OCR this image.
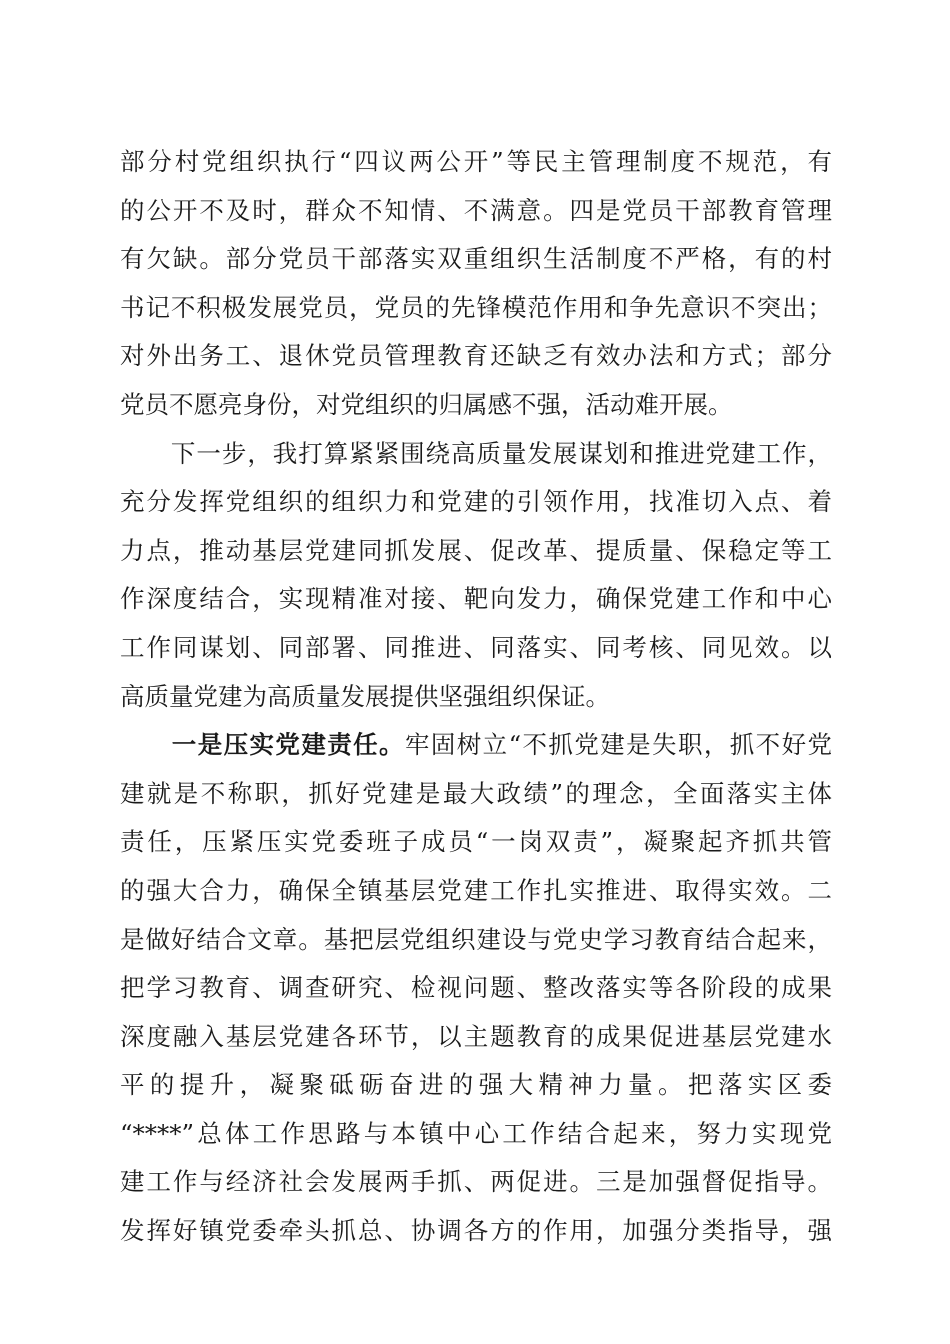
部分村党组织执行“四议两公开”等民主管理制度不规范，有
的公开不及时，群众不知情、不满意。四是党员干部教育管理
有欠缺。部分党员干部落实双重组织生活制度不严格，有的村
书记不积极发展党员，党员的先锋模范作用和争先意识不突出；
对外出务工、退休党员管理教育还缺乏有效办法和方式；部分
党员不愿亮身份，对党组织的归属感不强，活动难开展。
　　下一步，我打算紧紧围绕高质量发展谋划和推进党建工作，
充分发挥党组织的组织力和党建的引领作用，找准切入点、着
力点，推动基层党建同抓发展、促改革、提质量、保稳定等工
作深度结合，实现精准对接、靶向发力，确保党建工作和中心
工作同谋划、同部署、同推进、同落实、同考核、同见效。以
高质量党建为高质量发展提供坚强组织保证。
　　一是压实党建责任。牢固树立“不抓党建是失职，抓不好党
建就是不称职，抓好党建是最大政绩”的理念，全面落实主体
责任，压紧压实党委班子成员“一岗双责”，凝聚起齐抓共管
的强大合力，确保全镇基层党建工作扎实推进、取得实效。二
是做好结合文章。基把层党组织建设与党史学习教育结合起来，
把学习教育、调查研究、检视问题、整改落实等各阶段的成果
深度融入基层党建各环节，以主题教育的成果促进基层党建水
平的提升，凝聚砥砺奋进的强大精神力量。把落实区委
“****”总体工作思路与本镇中心工作结合起来，努力实现党
建工作与经济社会发展两手抓、两促进。三是加强督促指导。
发挥好镇党委牵头抓总、协调各方的作用，加强分类指导，强
